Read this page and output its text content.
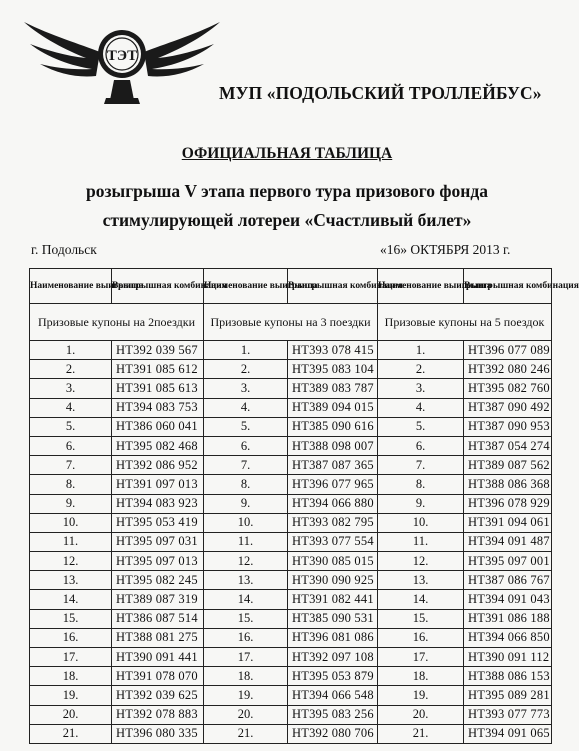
ТЭТ
МУП «ПОДОЛЬСКИЙ ТРОЛЛЕЙБУС»
ОФИЦИАЛЬНАЯ ТАБЛИЦА
розыгрыша V этапа первого тура призового фонда
стимулирующей лотереи «Счастливый билет»
г. Подольск	«16» ОКТЯБРЯ 2013 г.
Наименование выигрыша	Выигрышная комбинация	Наименование выигрыша	Выигрышная комбинация	Наименование выигрыша	Выигрышная комбинация
Призовые купоны на 2поездки		Призовые купоны на 3 поездки		Призовые купоны на 5 поездок	
1.	НТ392 039 567	1.	НТ393 078 415	1.	НТ396 077 089
2.	НТ391 085 612	2.	НТ395 083 104	2.	НТ392 080 246
3.	НТ391 085 613	3.	НТ389 083 787	3.	НТ395 082 760
4.	НТ394 083 753	4.	НТ389 094 015	4.	НТ387 090 492
5.	НТ386 060 041	5.	НТ385 090 616	5.	НТ387 090 953
6.	НТ395 082 468	6.	НТ388 098 007	6.	НТ387 054 274
7.	НТ392 086 952	7.	НТ387 087 365	7.	НТ389 087 562
8.	НТ391 097 013	8.	НТ396 077 965	8.	НТ388 086 368
9.	НТ394 083 923	9.	НТ394 066 880	9.	НТ396 078 929
10.	НТ395 053 419	10.	НТ393 082 795	10.	НТ391 094 061
11.	НТ395 097 031	11.	НТ393 077 554	11.	НТ394 091 487
12.	НТ395 097 013	12.	НТ390 085 015	12.	НТ395 097 001
13.	НТ395 082 245	13.	НТ390 090 925	13.	НТ387 086 767
14.	НТ389 087 319	14.	НТ391 082 441	14.	НТ394 091 043
15.	НТ386 087 514	15.	НТ385 090 531	15.	НТ391 086 188
16.	НТ388 081 275	16.	НТ396 081 086	16.	НТ394 066 850
17.	НТ390 091 441	17.	НТ392 097 108	17.	НТ390 091 112
18.	НТ391 078 070	18.	НТ395 053 879	18.	НТ388 086 153
19.	НТ392 039 625	19.	НТ394 066 548	19.	НТ395 089 281
20.	НТ392 078 883	20.	НТ395 083 256	20.	НТ393 077 773
21.	НТ396 080 335	21.	НТ392 080 706	21.	НТ394 091 065
